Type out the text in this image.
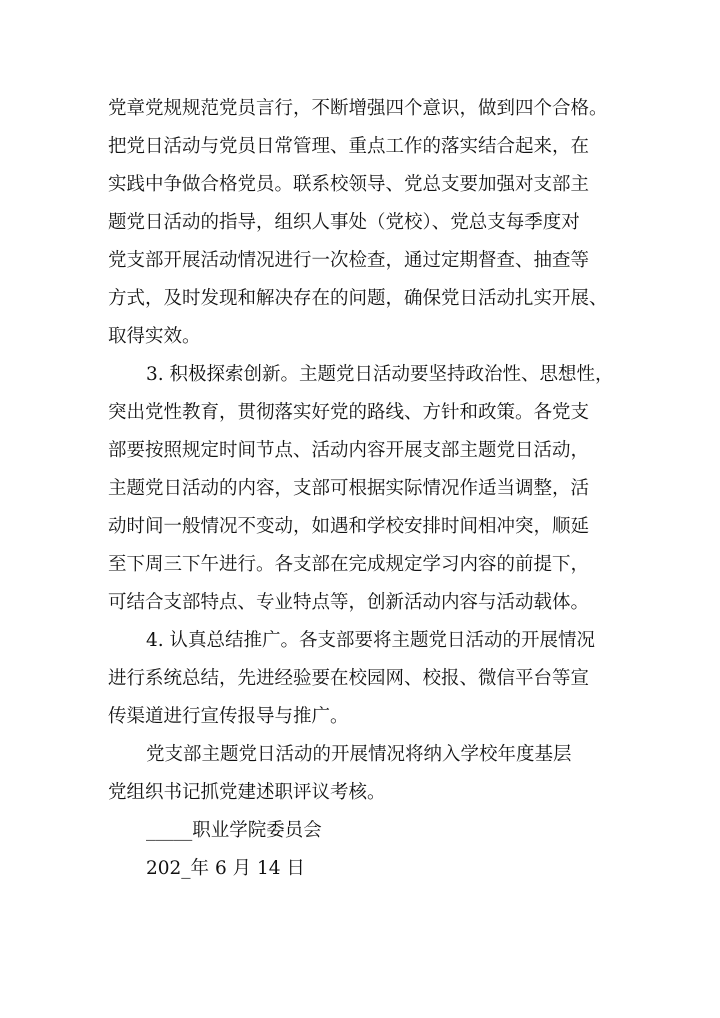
党章党规规范党员言行，不断增强四个意识，做到四个合格。
把党日活动与党员日常管理、重点工作的落实结合起来，在
实践中争做合格党员。联系校领导、党总支要加强对支部主
题党日活动的指导，组织人事处（党校）、党总支每季度对
党支部开展活动情况进行一次检查，通过定期督查、抽查等
方式，及时发现和解决存在的问题，确保党日活动扎实开展、
取得实效。
3. 积极探索创新。主题党日活动要坚持政治性、思想性，
突出党性教育，贯彻落实好党的路线、方针和政策。各党支
部要按照规定时间节点、活动内容开展支部主题党日活动，
主题党日活动的内容，支部可根据实际情况作适当调整，活
动时间一般情况不变动，如遇和学校安排时间相冲突，顺延
至下周三下午进行。各支部在完成规定学习内容的前提下，
可结合支部特点、专业特点等，创新活动内容与活动载体。
4. 认真总结推广。各支部要将主题党日活动的开展情况
进行系统总结，先进经验要在校园网、校报、微信平台等宣
传渠道进行宣传报导与推广。
党支部主题党日活动的开展情况将纳入学校年度基层
党组织书记抓党建述职评议考核。
_____职业学院委员会
202_年 6 月 14 日
